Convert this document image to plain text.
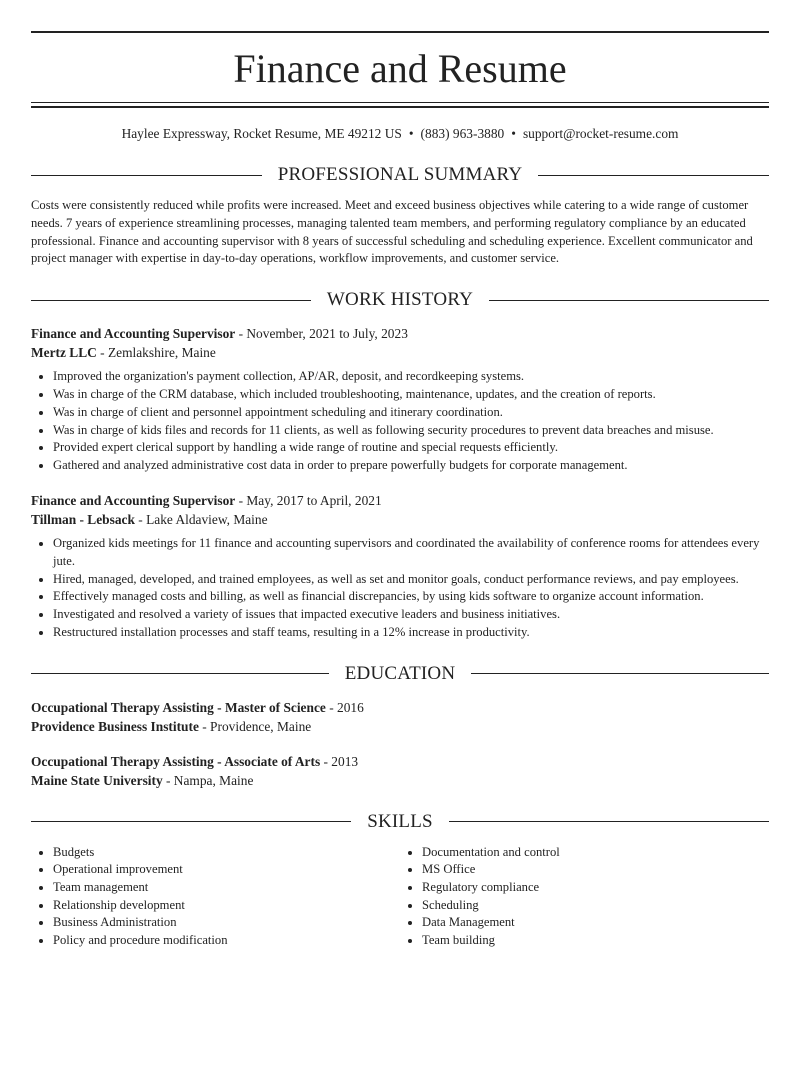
Finance and Resume
Haylee Expressway, Rocket Resume, ME 49212 US • (883) 963-3880 • support@rocket-resume.com
PROFESSIONAL SUMMARY
Costs were consistently reduced while profits were increased. Meet and exceed business objectives while catering to a wide range of customer needs. 7 years of experience streamlining processes, managing talented team members, and performing regulatory compliance by an educated professional. Finance and accounting supervisor with 8 years of successful scheduling and scheduling experience. Excellent communicator and project manager with expertise in day-to-day operations, workflow improvements, and customer service.
WORK HISTORY
Finance and Accounting Supervisor - November, 2021 to July, 2023
Mertz LLC - Zemlakshire, Maine
• Improved the organization's payment collection, AP/AR, deposit, and recordkeeping systems.
• Was in charge of the CRM database, which included troubleshooting, maintenance, updates, and the creation of reports.
• Was in charge of client and personnel appointment scheduling and itinerary coordination.
• Was in charge of kids files and records for 11 clients, as well as following security procedures to prevent data breaches and misuse.
• Provided expert clerical support by handling a wide range of routine and special requests efficiently.
• Gathered and analyzed administrative cost data in order to prepare powerfully budgets for corporate management.
Finance and Accounting Supervisor - May, 2017 to April, 2021
Tillman - Lebsack - Lake Aldaview, Maine
• Organized kids meetings for 11 finance and accounting supervisors and coordinated the availability of conference rooms for attendees every jute.
• Hired, managed, developed, and trained employees, as well as set and monitor goals, conduct performance reviews, and pay employees.
• Effectively managed costs and billing, as well as financial discrepancies, by using kids software to organize account information.
• Investigated and resolved a variety of issues that impacted executive leaders and business initiatives.
• Restructured installation processes and staff teams, resulting in a 12% increase in productivity.
EDUCATION
Occupational Therapy Assisting - Master of Science - 2016
Providence Business Institute - Providence, Maine
Occupational Therapy Assisting - Associate of Arts - 2013
Maine State University - Nampa, Maine
SKILLS
• Budgets
• Operational improvement
• Team management
• Relationship development
• Business Administration
• Policy and procedure modification
• Documentation and control
• MS Office
• Regulatory compliance
• Scheduling
• Data Management
• Team building
